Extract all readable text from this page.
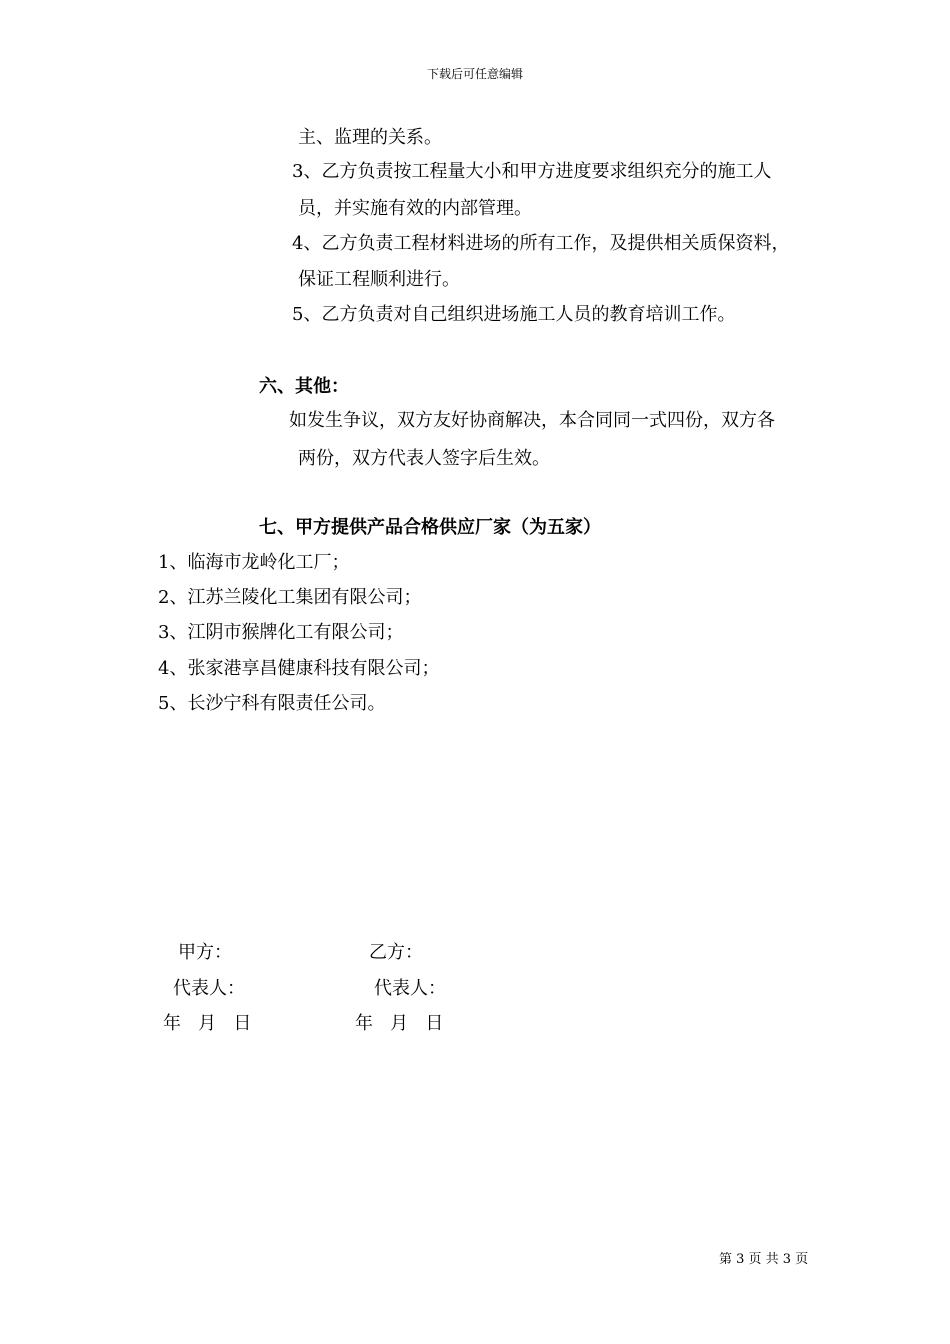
下载后可任意编辑
主、监理的关系。
3、乙方负责按工程量大小和甲方进度要求组织充分的施工人
员，并实施有效的内部管理。
4、乙方负责工程材料进场的所有工作，及提供相关质保资料，
保证工程顺利进行。
5、乙方负责对自己组织进场施工人员的教育培训工作。
六、其他：
如发生争议，双方友好协商解决，本合同同一式四份，双方各
两份，双方代表人签字后生效。
七、甲方提供产品合格供应厂家（为五家）
1、临海市龙岭化工厂；
2、江苏兰陵化工集团有限公司；
3、江阴市猴牌化工有限公司；
4、张家港享昌健康科技有限公司；
5、长沙宁科有限责任公司。
甲方：	乙方：
代表人：	代表人：
年   月   日	年   月   日
第 3 页 共 3 页
